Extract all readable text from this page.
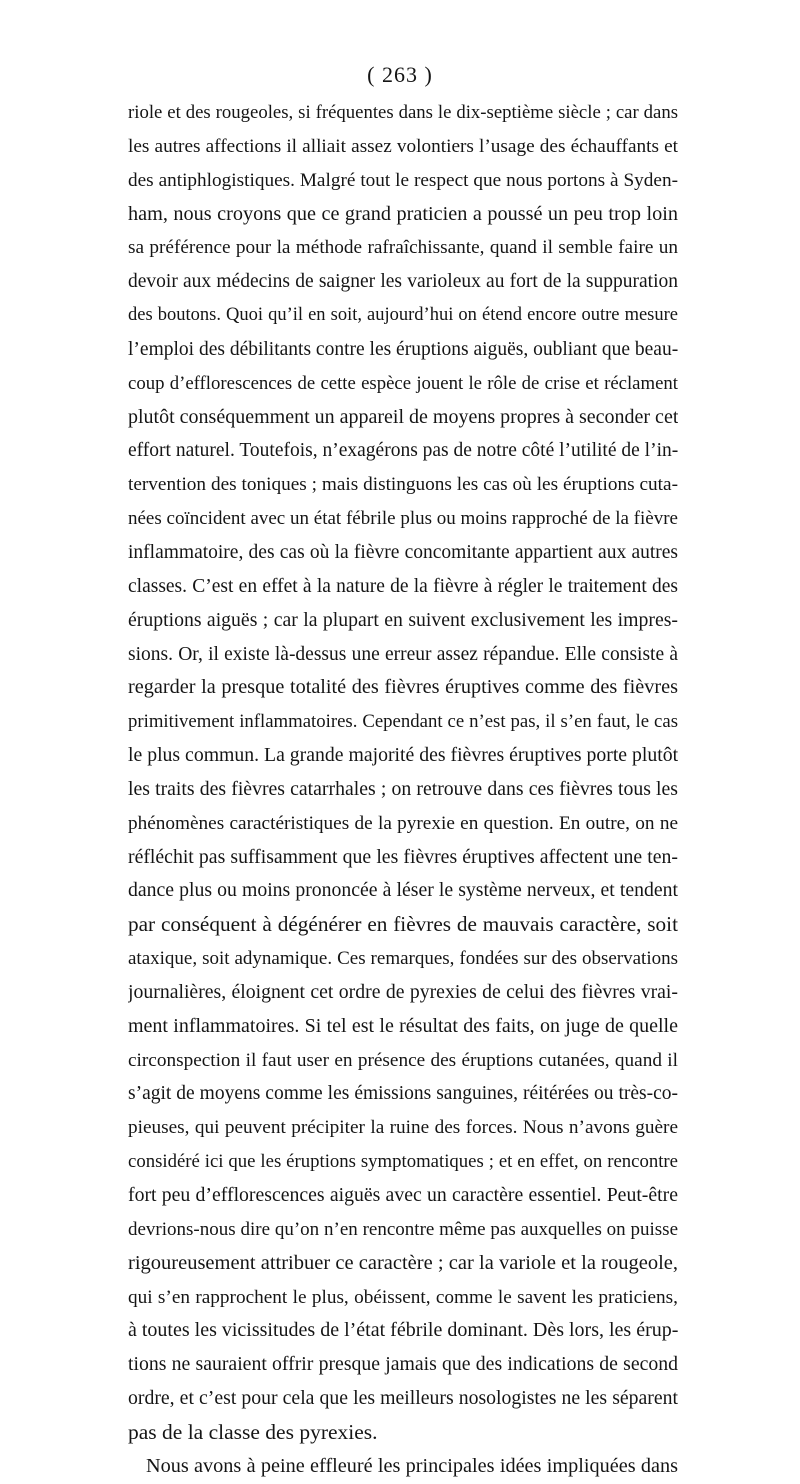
( 263 )
riole et des rougeoles, si fréquentes dans le dix-septième siècle ; car dans
les autres affections il alliait assez volontiers l’usage des échauffants et
des antiphlogistiques. Malgré tout le respect que nous portons à Syden-
ham, nous croyons que ce grand praticien a poussé un peu trop loin
sa préférence pour la méthode rafraîchissante, quand il semble faire un
devoir aux médecins de saigner les varioleux au fort de la suppuration
des boutons. Quoi qu’il en soit, aujourd’hui on étend encore outre mesure
l’emploi des débilitants contre les éruptions aiguës, oubliant que beau-
coup d’efflorescences de cette espèce jouent le rôle de crise et réclament
plutôt conséquemment un appareil de moyens propres à seconder cet
effort naturel. Toutefois, n’exagérons pas de notre côté l’utilité de l’in-
tervention des toniques ; mais distinguons les cas où les éruptions cuta-
nées coïncident avec un état fébrile plus ou moins rapproché de la fièvre
inflammatoire, des cas où la fièvre concomitante appartient aux autres
classes. C’est en effet à la nature de la fièvre à régler le traitement des
éruptions aiguës ; car la plupart en suivent exclusivement les impres-
sions. Or, il existe là-dessus une erreur assez répandue. Elle consiste à
regarder la presque totalité des fièvres éruptives comme des fièvres
primitivement inflammatoires. Cependant ce n’est pas, il s’en faut, le cas
le plus commun. La grande majorité des fièvres éruptives porte plutôt
les traits des fièvres catarrhales ; on retrouve dans ces fièvres tous les
phénomènes caractéristiques de la pyrexie en question. En outre, on ne
réfléchit pas suffisamment que les fièvres éruptives affectent une ten-
dance plus ou moins prononcée à léser le système nerveux, et tendent
par conséquent à dégénérer en fièvres de mauvais caractère, soit
ataxique, soit adynamique. Ces remarques, fondées sur des observations
journalières, éloignent cet ordre de pyrexies de celui des fièvres vrai-
ment inflammatoires. Si tel est le résultat des faits, on juge de quelle
circonspection il faut user en présence des éruptions cutanées, quand il
s’agit de moyens comme les émissions sanguines, réitérées ou très-co-
pieuses, qui peuvent précipiter la ruine des forces. Nous n’avons guère
considéré ici que les éruptions symptomatiques ; et en effet, on rencontre
fort peu d’efflorescences aiguës avec un caractère essentiel. Peut-être
devrions-nous dire qu’on n’en rencontre même pas auxquelles on puisse
rigoureusement attribuer ce caractère ; car la variole et la rougeole,
qui s’en rapprochent le plus, obéissent, comme le savent les praticiens,
à toutes les vicissitudes de l’état fébrile dominant. Dès lors, les érup-
tions ne sauraient offrir presque jamais que des indications de second
ordre, et c’est pour cela que les meilleurs nosologistes ne les séparent
pas de la classe des pyrexies.
Nous avons à peine effleuré les principales idées impliquées dans
